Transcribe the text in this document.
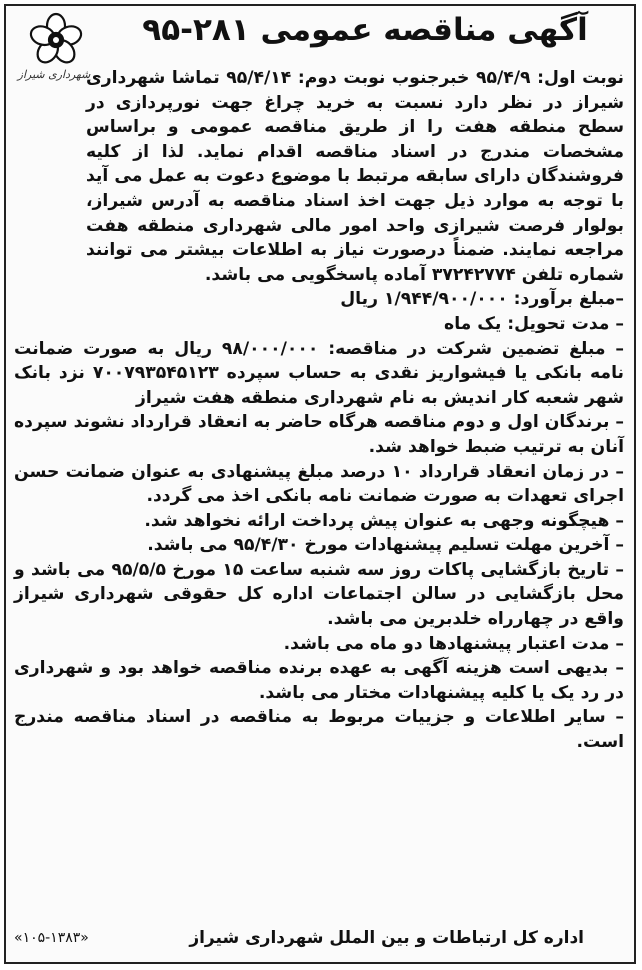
شهرداری شیراز
آگهی مناقصه عمومی ۲۸۱-۹۵

نوبت اول: ۹۵/۴/۹ خبرجنوب نوبت دوم: ۹۵/۴/۱۴ تماشا شهرداری شیراز در نظر دارد نسبت به خرید چراغ جهت نورپردازی در سطح منطقه هفت را از طریق مناقصه عمومی و براساس مشخصات مندرج در اسناد مناقصه اقدام نماید. لذا از کلیه فروشندگان دارای سابقه مرتبط با موضوع دعوت به عمل می آید با توجه به موارد ذیل جهت اخذ اسناد مناقصه به آدرس شیراز، بولوار فرصت شیرازی واحد امور مالی شهرداری منطقه هفت مراجعه نمایند. ضمناً درصورت نیاز به اطلاعات بیشتر می توانند شماره تلفن ۳۷۲۴۲۷۷۴ آماده پاسخگویی می باشد.

–مبلغ برآورد: ۱/۹۴۴/۹۰۰/۰۰۰ ریال

– مدت تحویل: یک ماه

– مبلغ تضمین شرکت در مناقصه: ۹۸/۰۰۰/۰۰۰ ریال به صورت ضمانت نامه بانکی یا فیشواریز نقدی به حساب سپرده ۷۰۰۷۹۳۵۴۵۱۲۳ نزد بانک شهر شعبه کار اندیش به نام شهرداری منطقه هفت شیراز

– برندگان اول و دوم مناقصه هرگاه حاضر به انعقاد قرارداد نشوند سپرده آنان به ترتیب ضبط خواهد شد.

– در زمان انعقاد قرارداد ۱۰ درصد مبلغ پیشنهادی به عنوان ضمانت حسن اجرای تعهدات به صورت ضمانت نامه بانکی اخذ می گردد.

– هیچگونه وجهی به عنوان پیش پرداخت ارائه نخواهد شد.

– آخرین مهلت تسلیم پیشنهادات مورخ ۹۵/۴/۳۰ می باشد.

– تاریخ بازگشایی پاکات روز سه شنبه ساعت ۱۵ مورخ ۹۵/۵/۵ می باشد و محل بازگشایی در سالن اجتماعات اداره کل حقوقی شهرداری شیراز واقع در چهارراه خلدبرین می باشد.

– مدت اعتبار پیشنهادها دو ماه می باشد.

– بدیهی است هزینه آگهی به عهده برنده مناقصه خواهد بود و شهرداری در رد یک یا کلیه پیشنهادات مختار می باشد.

– سایر اطلاعات و جزییات مربوط به مناقصه در اسناد مناقصه مندرج است.

اداره کل ارتباطات و بین الملل شهرداری شیراز
«۱۰۵-۱۳۸۳»
